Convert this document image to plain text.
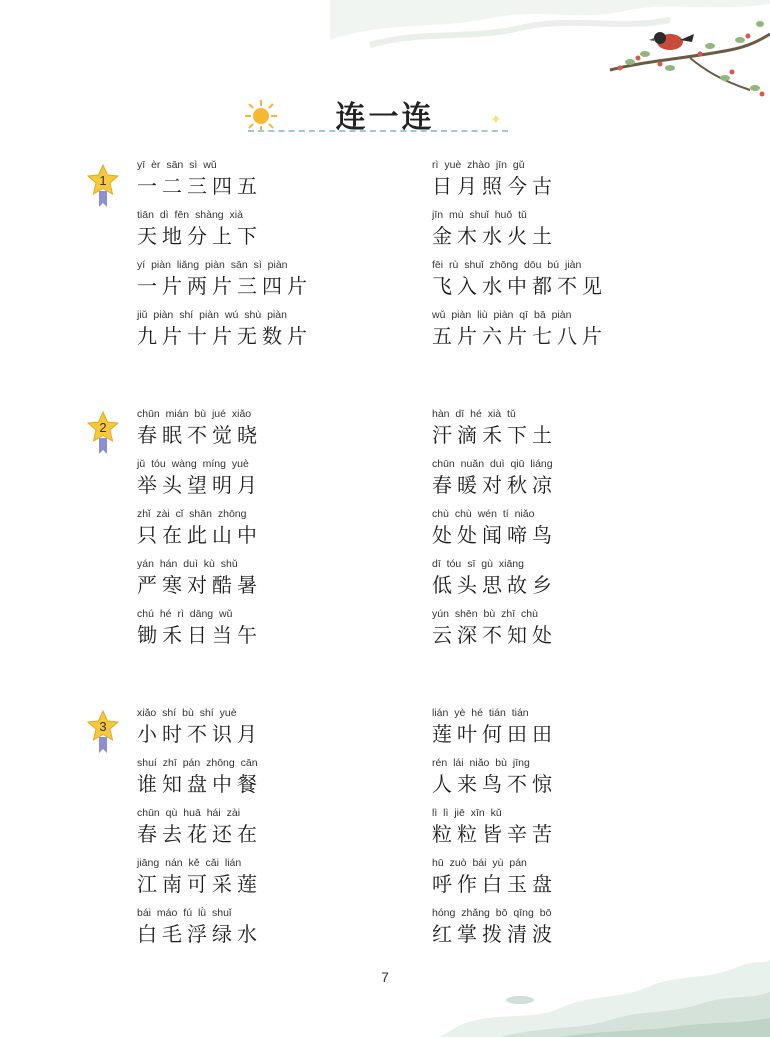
连一连	✦
1
yī èr sān sì wǔ
一二三四五
tiān dì fēn shàng xià
天地分上下
yí piàn liǎng piàn sān sì piàn
一片两片三四片
jiǔ piàn shí piàn wú shù piàn
九片十片无数片
rì yuè zhào jīn gǔ
日月照今古
jīn mù shuǐ huǒ tǔ
金木水火土
fēi rù shuǐ zhōng dōu bú jiàn
飞入水中都不见
wǔ piàn liù piàn qī bā piàn
五片六片七八片
2
chūn mián bù jué xiǎo
春眠不觉晓
jǔ tóu wàng míng yuè
举头望明月
zhǐ zài cǐ shān zhōng
只在此山中
yán hán duì kù shǔ
严寒对酷暑
chú hé rì dāng wǔ
锄禾日当午
hàn dī hé xià tǔ
汗滴禾下土
chūn nuǎn duì qiū liáng
春暖对秋凉
chù chù wén tí niǎo
处处闻啼鸟
dī tóu sī gù xiāng
低头思故乡
yún shēn bù zhī chù
云深不知处
3
xiǎo shí bù shí yuè
小时不识月
shuí zhī pán zhōng cān
谁知盘中餐
chūn qù huā hái zài
春去花还在
jiāng nán kě cǎi lián
江南可采莲
bái máo fú lǜ shuǐ
白毛浮绿水
lián yè hé tián tián
莲叶何田田
rén lái niǎo bù jīng
人来鸟不惊
lì lì jiē xīn kǔ
粒粒皆辛苦
hū zuò bái yù pán
呼作白玉盘
hóng zhǎng bō qīng bō
红掌拨清波
7
